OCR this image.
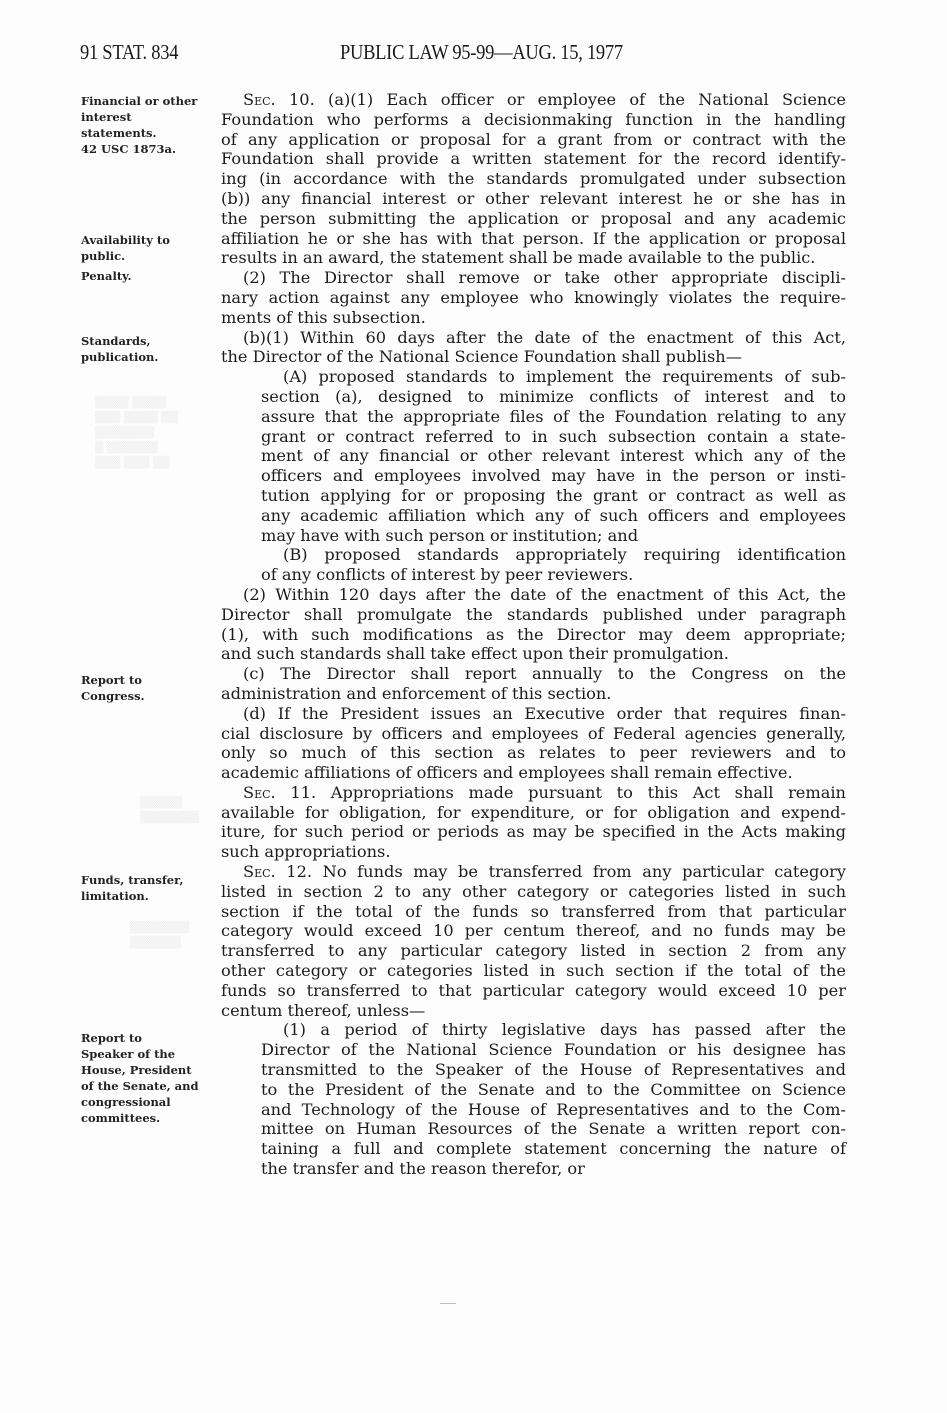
91 STAT. 834	PUBLIC LAW 95-99—AUG. 15, 1977
▒▒▒▒ ▒▒▒▒
▒▒ ▒▒▒▒ ▒▒▒
▒▒▒▒▒▒▒
▒▒▒▒▒▒ ▒
▒▒ ▒▒▒ ▒▒▒
▒▒▒▒▒
▒▒▒▒▒▒▒
▒▒▒▒▒▒▒
▒▒▒▒▒▒
Financial or other
interest
statements.
42 USC 1873a.
Availability to
public.
Penalty.
Standards,
publication.
Report to
Congress.
Funds, transfer,
limitation.
Report to
Speaker of the
House, President
of the Senate, and
congressional
committees.
Sec. 10. (a)(1) Each officer or employee of the National Science
Foundation who performs a decisionmaking function in the handling
of any application or proposal for a grant from or contract with the
Foundation shall provide a written statement for the record identify-
ing (in accordance with the standards promulgated under subsection
(b)) any financial interest or other relevant interest he or she has in
the person submitting the application or proposal and any academic
affiliation he or she has with that person. If the application or proposal
results in an award, the statement shall be made available to the public.
(2) The Director shall remove or take other appropriate discipli-
nary action against any employee who knowingly violates the require-
ments of this subsection.
(b)(1) Within 60 days after the date of the enactment of this Act,
the Director of the National Science Foundation shall publish—
(A) proposed standards to implement the requirements of sub-
section (a), designed to minimize conflicts of interest and to
assure that the appropriate files of the Foundation relating to any
grant or contract referred to in such subsection contain a state-
ment of any financial or other relevant interest which any of the
officers and employees involved may have in the person or insti-
tution applying for or proposing the grant or contract as well as
any academic affiliation which any of such officers and employees
may have with such person or institution; and
(B) proposed standards appropriately requiring identification
of any conflicts of interest by peer reviewers.
(2) Within 120 days after the date of the enactment of this Act, the
Director shall promulgate the standards published under paragraph
(1), with such modifications as the Director may deem appropriate;
and such standards shall take effect upon their promulgation.
(c) The Director shall report annually to the Congress on the
administration and enforcement of this section.
(d) If the President issues an Executive order that requires finan-
cial disclosure by officers and employees of Federal agencies generally,
only so much of this section as relates to peer reviewers and to
academic affiliations of officers and employees shall remain effective.
Sec. 11. Appropriations made pursuant to this Act shall remain
available for obligation, for expenditure, or for obligation and expend-
iture, for such period or periods as may be specified in the Acts making
such appropriations.
Sec. 12. No funds may be transferred from any particular category
listed in section 2 to any other category or categories listed in such
section if the total of the funds so transferred from that particular
category would exceed 10 per centum thereof, and no funds may be
transferred to any particular category listed in section 2 from any
other category or categories listed in such section if the total of the
funds so transferred to that particular category would exceed 10 per
centum thereof, unless—
(1) a period of thirty legislative days has passed after the
Director of the National Science Foundation or his designee has
transmitted to the Speaker of the House of Representatives and
to the President of the Senate and to the Committee on Science
and Technology of the House of Representatives and to the Com-
mittee on Human Resources of the Senate a written report con-
taining a full and complete statement concerning the nature of
the transfer and the reason therefor, or
